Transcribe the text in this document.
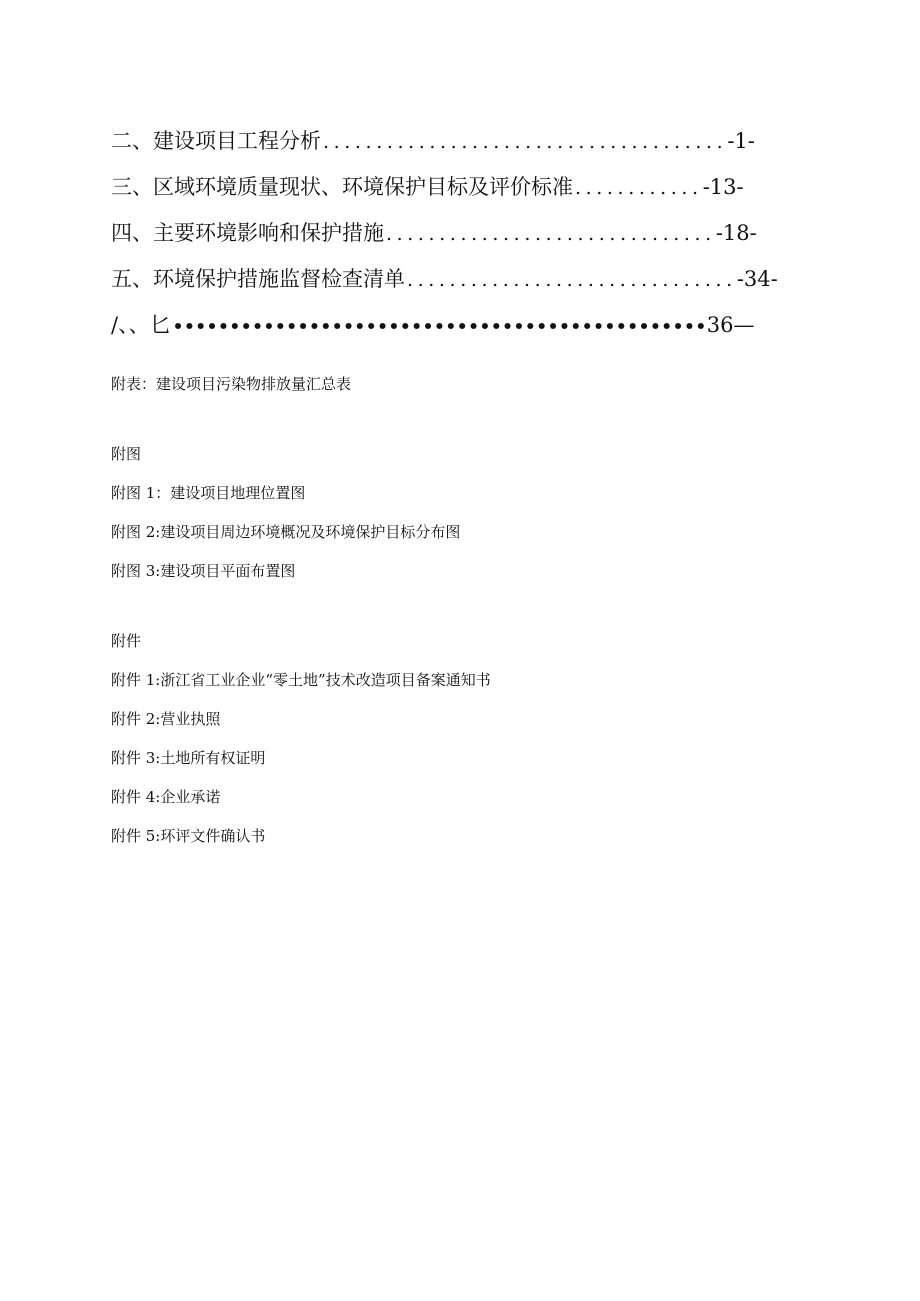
二、建设项目工程分析 ...................................... -1-
三、区域环境质量现状、环境保护目标及评价标准 ............ -13-
四、主要环境影响和保护措施 ............................... -18-
五、环境保护措施监督检查清单 ............................... -34-
/、、匕 ••••••••••••••••••••••••••••••••••••••••••••••• 36—
附表：建设项目污染物排放量汇总表
附图
附图 1：建设项目地理位置图
附图 2:建设项目周边环境概况及环境保护目标分布图
附图 3:建设项目平面布置图
附件
附件 1:浙江省工业企业“零土地”技术改造项目备案通知书
附件 2:营业执照
附件 3:土地所有权证明
附件 4:企业承诺
附件 5:环评文件确认书
